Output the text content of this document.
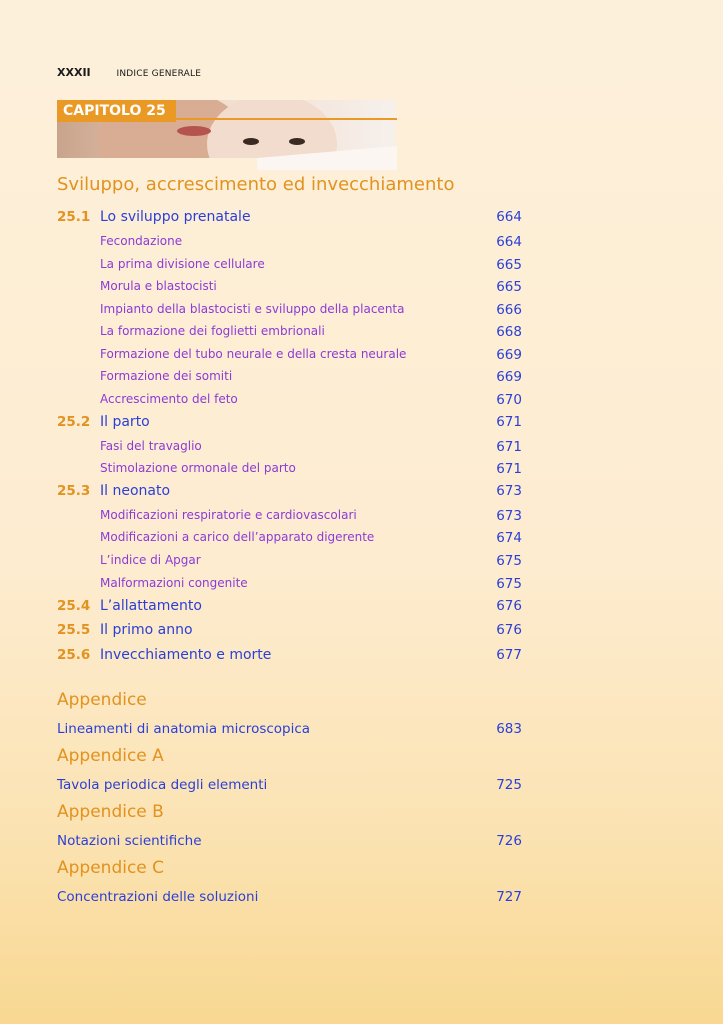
XXXII	INDICE GENERALE
CAPITOLO 25
Sviluppo, accrescimento ed invecchiamento
25.1 Lo sviluppo prenatale	664
Fecondazione	664
La prima divisione cellulare	665
Morula e blastocisti	665
Impianto della blastocisti e sviluppo della placenta	666
La formazione dei foglietti embrionali	668
Formazione del tubo neurale e della cresta neurale	669
Formazione dei somiti	669
Accrescimento del feto	670
25.2 Il parto	671
Fasi del travaglio	671
Stimolazione ormonale del parto	671
25.3 Il neonato	673
Modificazioni respiratorie e cardiovascolari	673
Modificazioni a carico dell’apparato digerente	674
L’indice di Apgar	675
Malformazioni congenite	675
25.4 L’allattamento	676
25.5 Il primo anno	676
25.6 Invecchiamento e morte	677
Appendice
Lineamenti di anatomia microscopica	683
Appendice A
Tavola periodica degli elementi	725
Appendice B
Notazioni scientifiche	726
Appendice C
Concentrazioni delle soluzioni	727
